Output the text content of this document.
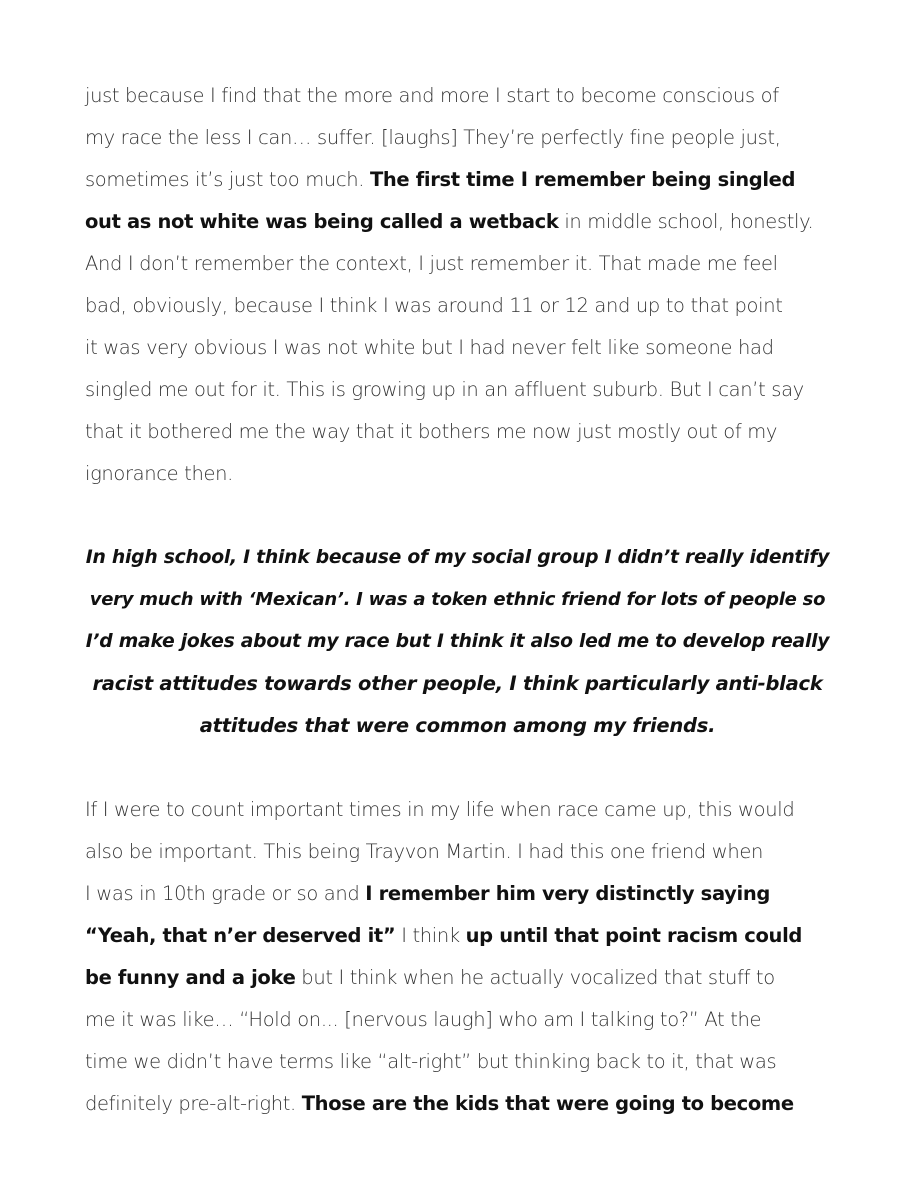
just because I find that the more and more I start to become conscious of
my race the less I can… suffer. [laughs] They’re perfectly fine people just,
sometimes it’s just too much. The first time I remember being singled
out as not white was being called a wetback in middle school, honestly.
And I don’t remember the context, I just remember it. That made me feel
bad, obviously, because I think I was around 11 or 12 and up to that point
it was very obvious I was not white but I had never felt like someone had
singled me out for it. This is growing up in an affluent suburb. But I can’t say
that it bothered me the way that it bothers me now just mostly out of my
ignorance then.
In high school, I think because of my social group I didn’t really identify
very much with ‘Mexican’. I was a token ethnic friend for lots of people so
I’d make jokes about my race but I think it also led me to develop really
racist attitudes towards other people, I think particularly anti-black
attitudes that were common among my friends.
If I were to count important times in my life when race came up, this would
also be important. This being Trayvon Martin. I had this one friend when
I was in 10th grade or so and I remember him very distinctly saying
“Yeah, that n’er deserved it” I think up until that point racism could
be funny and a joke but I think when he actually vocalized that stuff to
me it was like… “Hold on... [nervous laugh] who am I talking to?” At the
time we didn’t have terms like “alt-right” but thinking back to it, that was
definitely pre-alt-right. Those are the kids that were going to become
